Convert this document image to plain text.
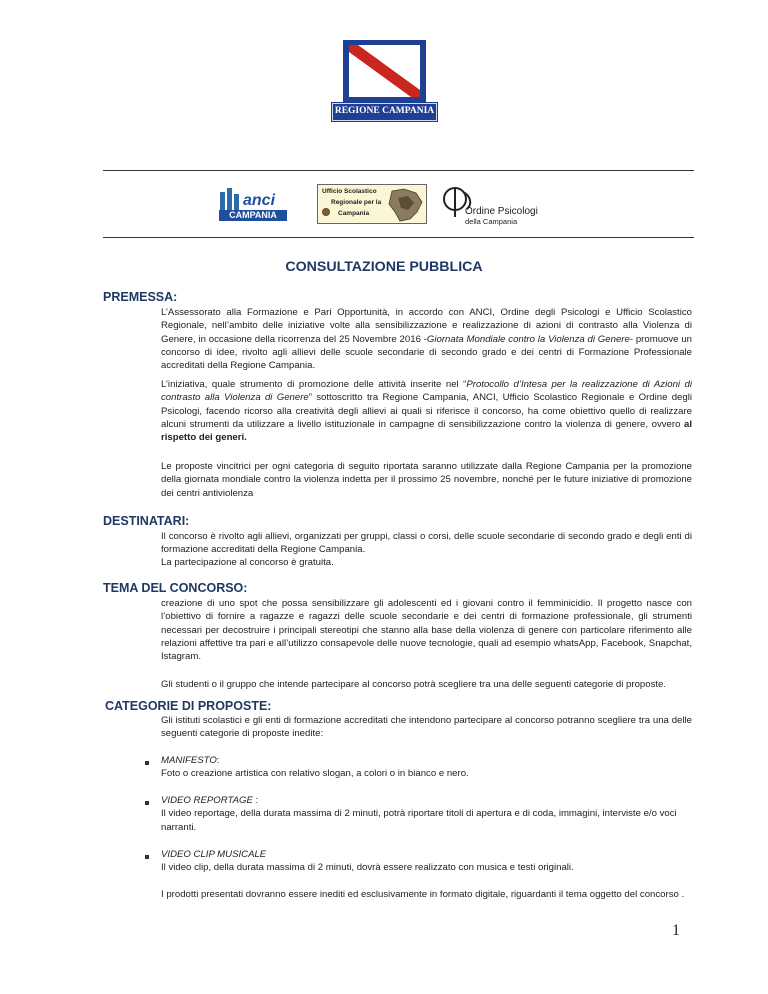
REGIONE CAMPANIA
anci
CAMPANIA
Ufficio Scolastico
Regionale per la
Campania	Ordine Psicologi
della Campania
CONSULTAZIONE PUBBLICA
PREMESSA:
L’Assessorato alla Formazione e Pari Opportunità, in accordo con ANCI, Ordine degli Psicologi e Ufficio Scolastico Regionale, nell’ambito delle iniziative volte alla sensibilizzazione e realizzazione di azioni di contrasto alla Violenza di Genere, in occasione della ricorrenza del 25 Novembre 2016 -Giornata Mondiale contro la Violenza di Genere- promuove un concorso di idee, rivolto agli allievi delle scuole secondarie di secondo grado e dei centri di Formazione Professionale accreditati della Regione Campania.
L’iniziativa, quale strumento di promozione delle attività inserite nel “Protocollo d’Intesa per la realizzazione di Azioni di contrasto alla Violenza di Genere” sottoscritto tra Regione Campania, ANCI, Ufficio Scolastico Regionale e Ordine degli Psicologi, facendo ricorso alla creatività degli allievi ai quali si riferisce il concorso, ha come obiettivo quello di realizzare alcuni strumenti da utilizzare a livello istituzionale in campagne di sensibilizzazione contro la violenza di genere, ovvero al rispetto dei generi.
Le proposte vincitrici per ogni categoria di seguito riportata saranno utilizzate dalla Regione Campania per la promozione della giornata mondiale contro la violenza indetta per il prossimo 25 novembre, nonché per le future iniziative di promozione dei centri antiviolenza
DESTINATARI:
Il concorso è rivolto agli allievi, organizzati per gruppi, classi o corsi, delle scuole secondarie di secondo grado e degli enti di formazione accreditati della Regione Campania.
La partecipazione al concorso è gratuita.
TEMA DEL CONCORSO:
creazione di uno spot che possa sensibilizzare gli adolescenti ed i giovani contro il femminicidio. Il progetto nasce con l’obiettivo di fornire a ragazze e ragazzi delle scuole secondarie e dei centri di formazione professionale, gli strumenti necessari per decostruire i principali stereotipi che stanno alla base della violenza di genere con particolare riferimento alle relazioni affettive tra pari e all’utilizzo consapevole delle nuove tecnologie, quali ad esempio whatsApp, Facebook, Snapchat, Istagram.
Gli studenti o il gruppo che intende partecipare al concorso potrà scegliere tra una delle seguenti categorie di proposte.
CATEGORIE DI PROPOSTE:
Gli istituti scolastici e gli enti di formazione accreditati che intendono partecipare al concorso potranno scegliere tra una delle seguenti categorie di proposte inedite:
MANIFESTO:
Foto o creazione artistica con relativo slogan, a colori o in bianco e nero.
VIDEO REPORTAGE :
Il video reportage, della durata massima di 2 minuti, potrà riportare titoli di apertura e di coda, immagini, interviste e/o voci narranti.
VIDEO CLIP MUSICALE
Il video clip, della durata massima di 2 minuti, dovrà essere realizzato con musica e testi originali.
I prodotti presentati dovranno essere inediti ed esclusivamente in formato digitale, riguardanti il tema oggetto del concorso .
1
